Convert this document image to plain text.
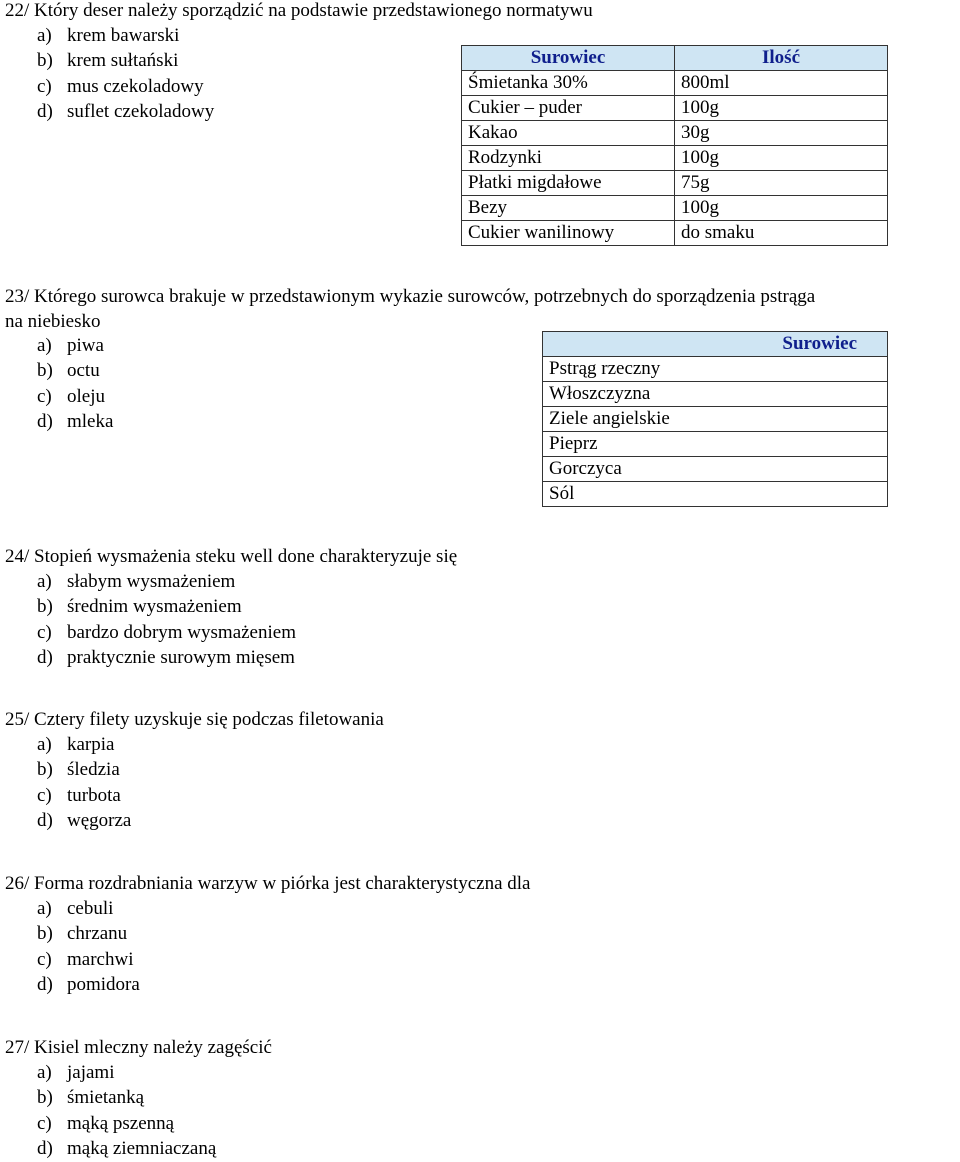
22/ Który deser należy sporządzić na podstawie przedstawionego normatywu
a) krem bawarski
b) krem sułtański
c) mus czekoladowy
d) suflet czekoladowy
Surowiec	Ilość
Śmietanka 30%	800ml
Cukier – puder	100g
Kakao	30g
Rodzynki	100g
Płatki migdałowe	75g
Bezy	100g
Cukier wanilinowy	do smaku
23/ Którego surowca brakuje w przedstawionym wykazie surowców, potrzebnych do sporządzenia pstrąga
na niebiesko
a) piwa
b) octu
c) oleju
d) mleka
Surowiec
Pstrąg rzeczny
Włoszczyzna
Ziele angielskie
Pieprz
Gorczyca
Sól
24/ Stopień wysmażenia steku well done charakteryzuje się
a) słabym wysmażeniem
b) średnim wysmażeniem
c) bardzo dobrym wysmażeniem
d) praktycznie surowym mięsem
25/ Cztery filety uzyskuje się podczas filetowania
a) karpia
b) śledzia
c) turbota
d) węgorza
26/ Forma rozdrabniania warzyw w piórka jest charakterystyczna dla
a) cebuli
b) chrzanu
c) marchwi
d) pomidora
27/ Kisiel mleczny należy zagęścić
a) jajami
b) śmietanką
c) mąką pszenną
d) mąką ziemniaczaną
